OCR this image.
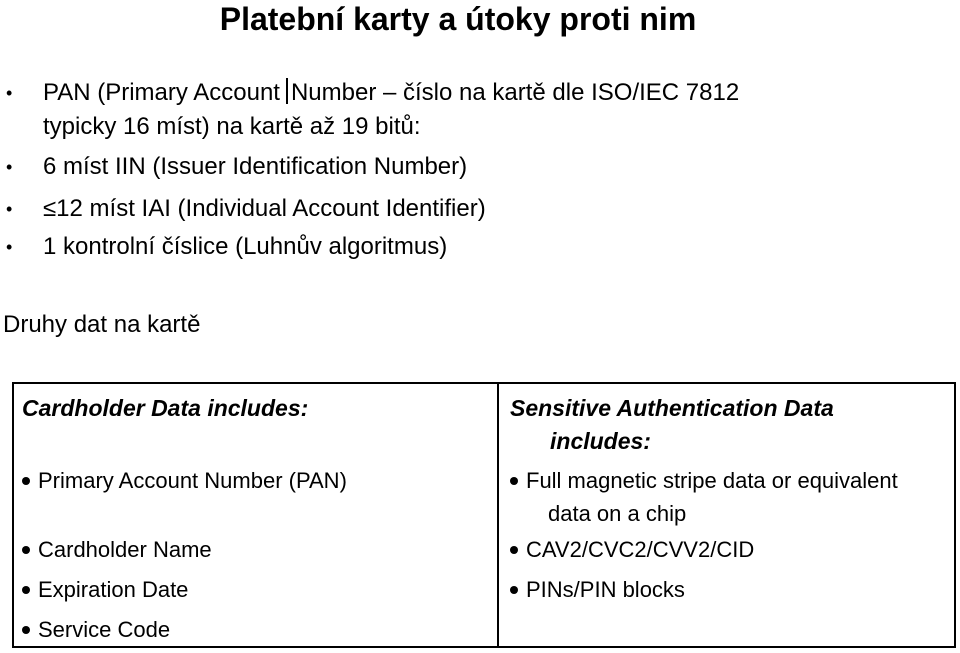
Platební karty a útoky proti nim
• PAN (Primary Account Number – číslo na kartě dle ISO/IEC 7812
typicky 16 míst) na kartě až 19 bitů:
• 6 míst IIN (Issuer Identification Number)
• ≤12 míst IAI (Individual Account Identifier)
• 1 kontrolní číslice (Luhnův algoritmus)
Druhy dat na kartě
Cardholder Data includes:
Primary Account Number (PAN)
Cardholder Name
Expiration Date
Service Code
Sensitive Authentication Data
includes:
Full magnetic stripe data or equivalent
data on a chip
CAV2/CVC2/CVV2/CID
PINs/PIN blocks
